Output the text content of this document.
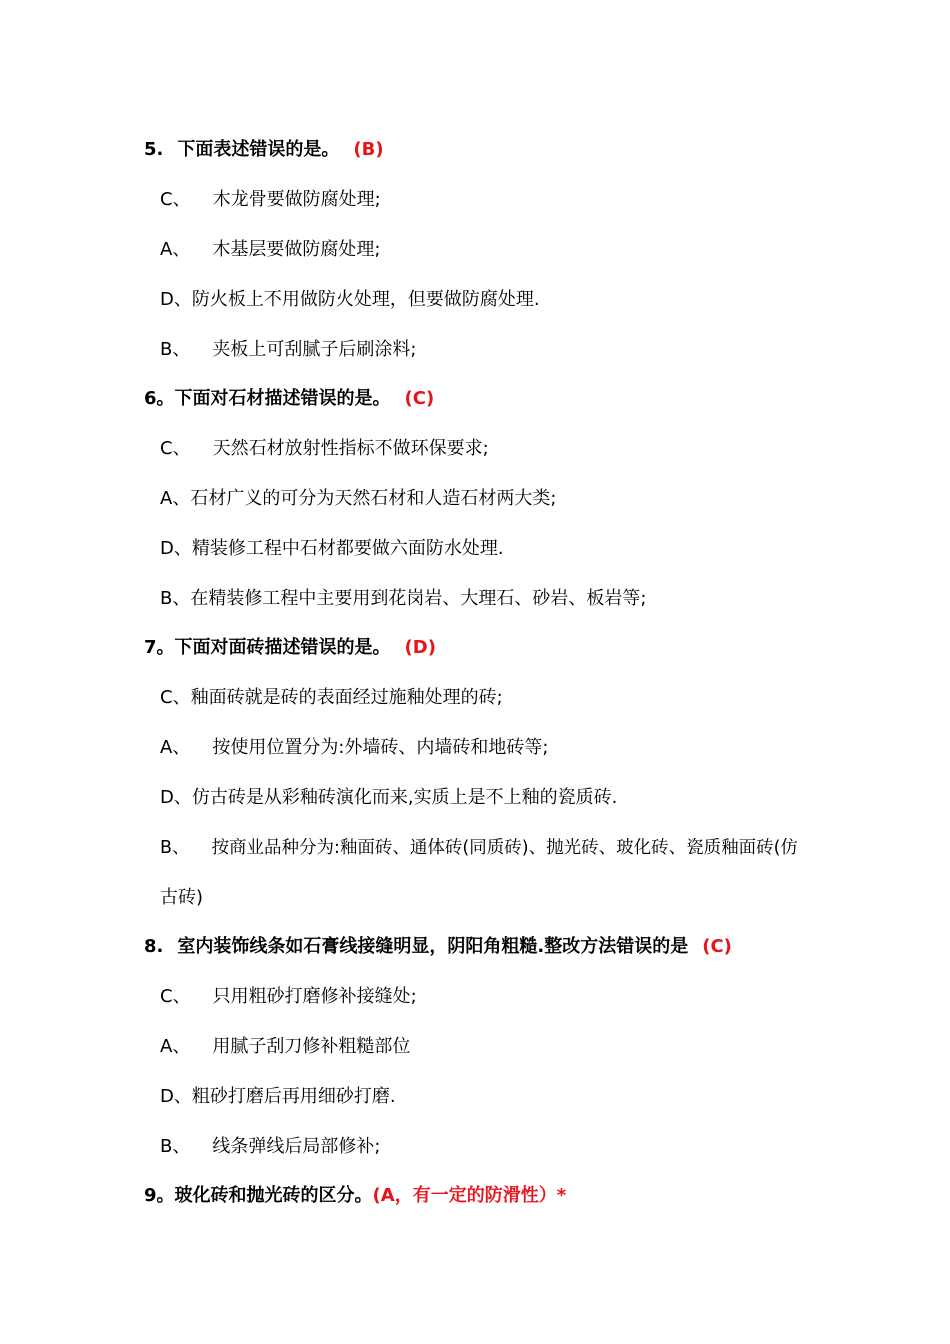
5. 下面表述错误的是。 (B)
C、 木龙骨要做防腐处理;
A、 木基层要做防腐处理;
D、防火板上不用做防火处理，但要做防腐处理.
B、 夹板上可刮腻子后刷涂料;
6。下面对石材描述错误的是。 (C)
C、 天然石材放射性指标不做环保要求;
A、石材广义的可分为天然石材和人造石材两大类;
D、精装修工程中石材都要做六面防水处理.
B、在精装修工程中主要用到花岗岩、大理石、砂岩、板岩等;
7。下面对面砖描述错误的是。 (D)
C、釉面砖就是砖的表面经过施釉处理的砖;
A、 按使用位置分为:外墙砖、内墙砖和地砖等;
D、仿古砖是从彩釉砖演化而来,实质上是不上釉的瓷质砖.
B、 按商业品种分为:釉面砖、通体砖(同质砖)、抛光砖、玻化砖、瓷质釉面砖(仿
古砖)
8. 室内装饰线条如石膏线接缝明显，阴阳角粗糙.整改方法错误的是 (C)
C、 只用粗砂打磨修补接缝处;
A、 用腻子刮刀修补粗糙部位
D、粗砂打磨后再用细砂打磨.
B、 线条弹线后局部修补;
9。玻化砖和抛光砖的区分。(A，有一定的防滑性）*
